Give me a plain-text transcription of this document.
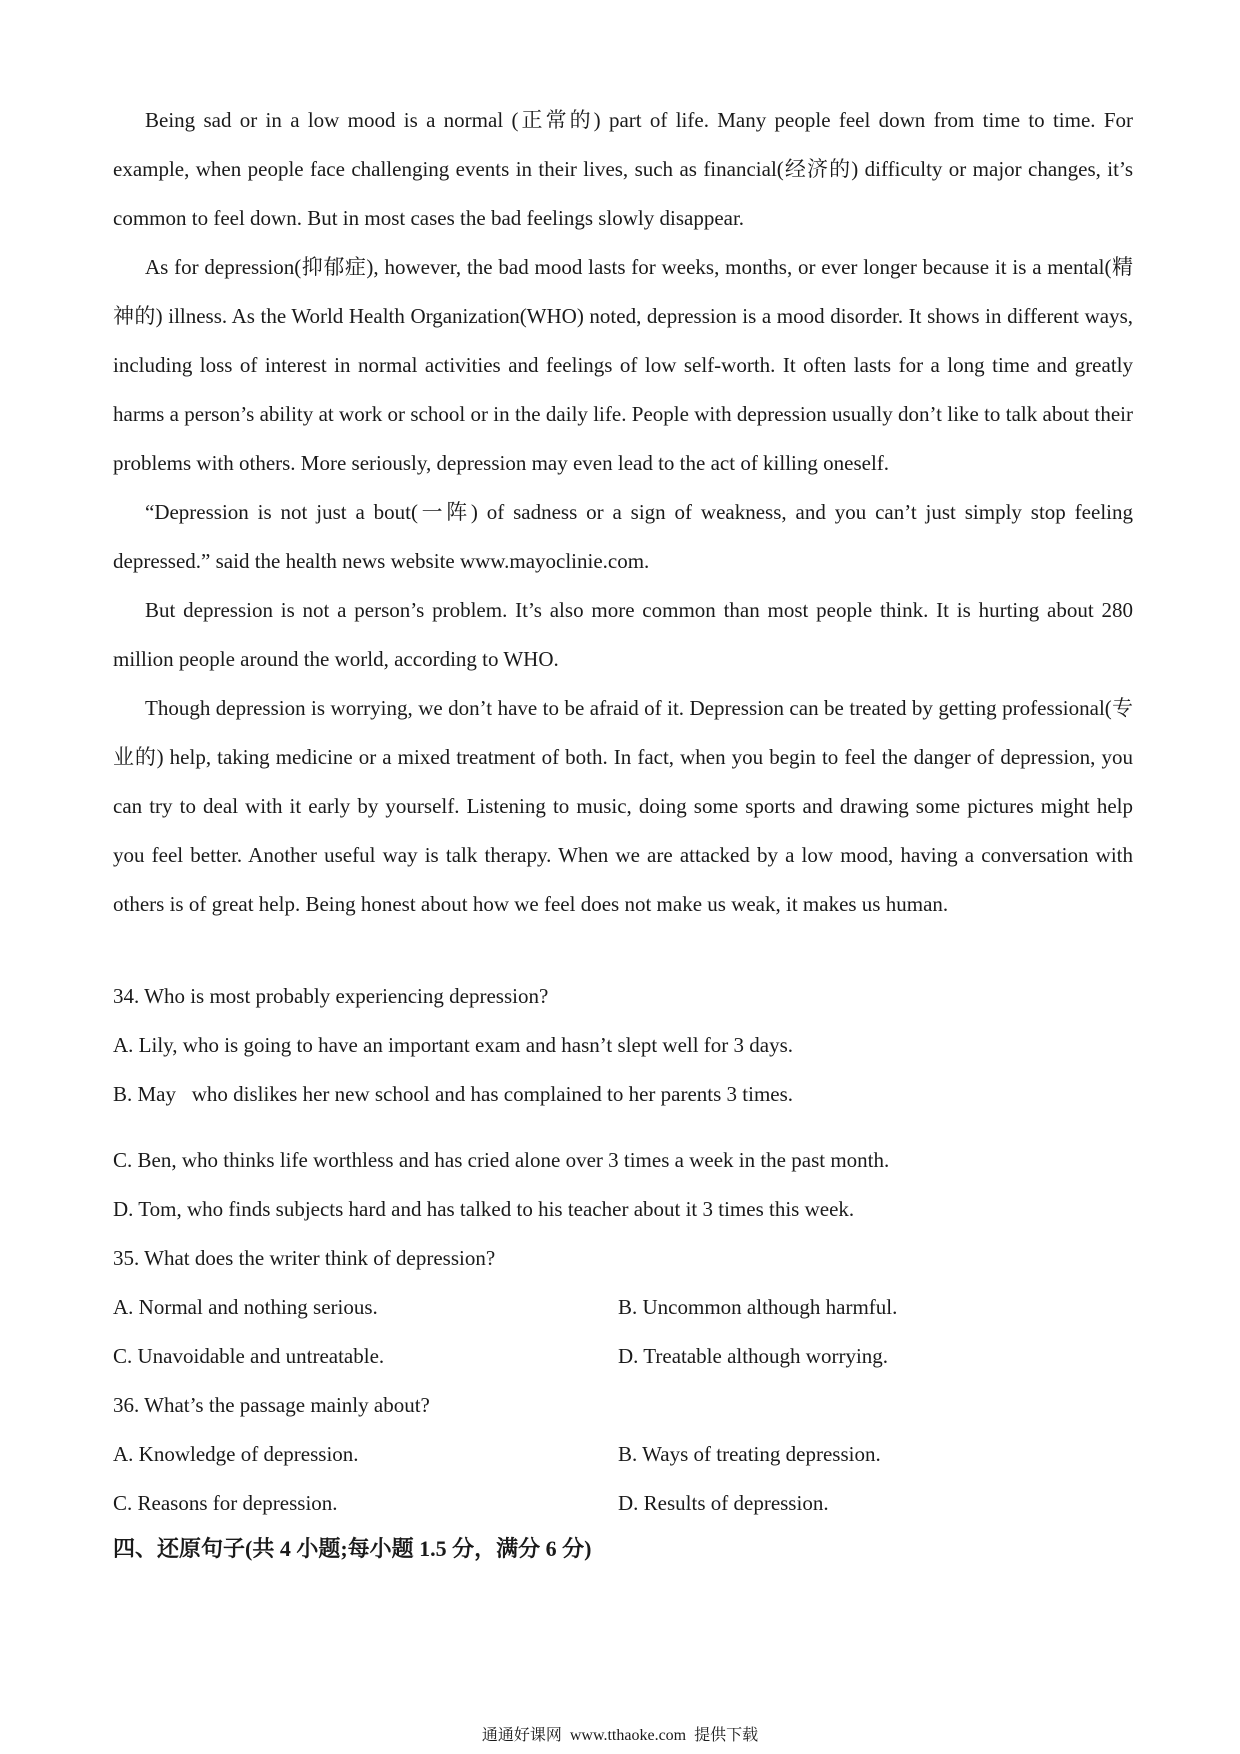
Being sad or in a low mood is a normal (正常的) part of life. Many people feel down from time to time. For example, when people face challenging events in their lives, such as financial(经济的) difficulty or major changes, it’s common to feel down. But in most cases the bad feelings slowly disappear.

As for depression(抑郁症), however, the bad mood lasts for weeks, months, or ever longer because it is a mental(精神的) illness. As the World Health Organization(WHO) noted, depression is a mood disorder. It shows in different ways, including loss of interest in normal activities and feelings of low self-worth. It often lasts for a long time and greatly harms a person’s ability at work or school or in the daily life. People with depression usually don’t like to talk about their problems with others. More seriously, depression may even lead to the act of killing oneself.

“Depression is not just a bout(一阵) of sadness or a sign of weakness, and you can’t just simply stop feeling depressed.” said the health news website www.mayoclinie.com.

But depression is not a person’s problem. It’s also more common than most people think. It is hurting about 280 million people around the world, according to WHO.

Though depression is worrying, we don’t have to be afraid of it. Depression can be treated by getting professional(专业的) help, taking medicine or a mixed treatment of both. In fact, when you begin to feel the danger of depression, you can try to deal with it early by yourself. Listening to music, doing some sports and drawing some pictures might help you feel better. Another useful way is talk therapy. When we are attacked by a low mood, having a conversation with others is of great help. Being honest about how we feel does not make us weak, it makes us human.

34. Who is most probably experiencing depression?

A. Lily, who is going to have an important exam and hasn’t slept well for 3 days.

B. May   who dislikes her new school and has complained to her parents 3 times.

C. Ben, who thinks life worthless and has cried alone over 3 times a week in the past month.

D. Tom, who finds subjects hard and has talked to his teacher about it 3 times this week.

35. What does the writer think of depression?

A. Normal and nothing serious.	B. Uncommon although harmful.

C. Unavoidable and untreatable.	D. Treatable although worrying.

36. What’s the passage mainly about?

A. Knowledge of depression.	B. Ways of treating depression.

C. Reasons for depression.	D. Results of depression.

四、还原句子(共 4 小题;每小题 1.5 分，满分 6 分)

通通好课网  www.tthaoke.com  提供下载
